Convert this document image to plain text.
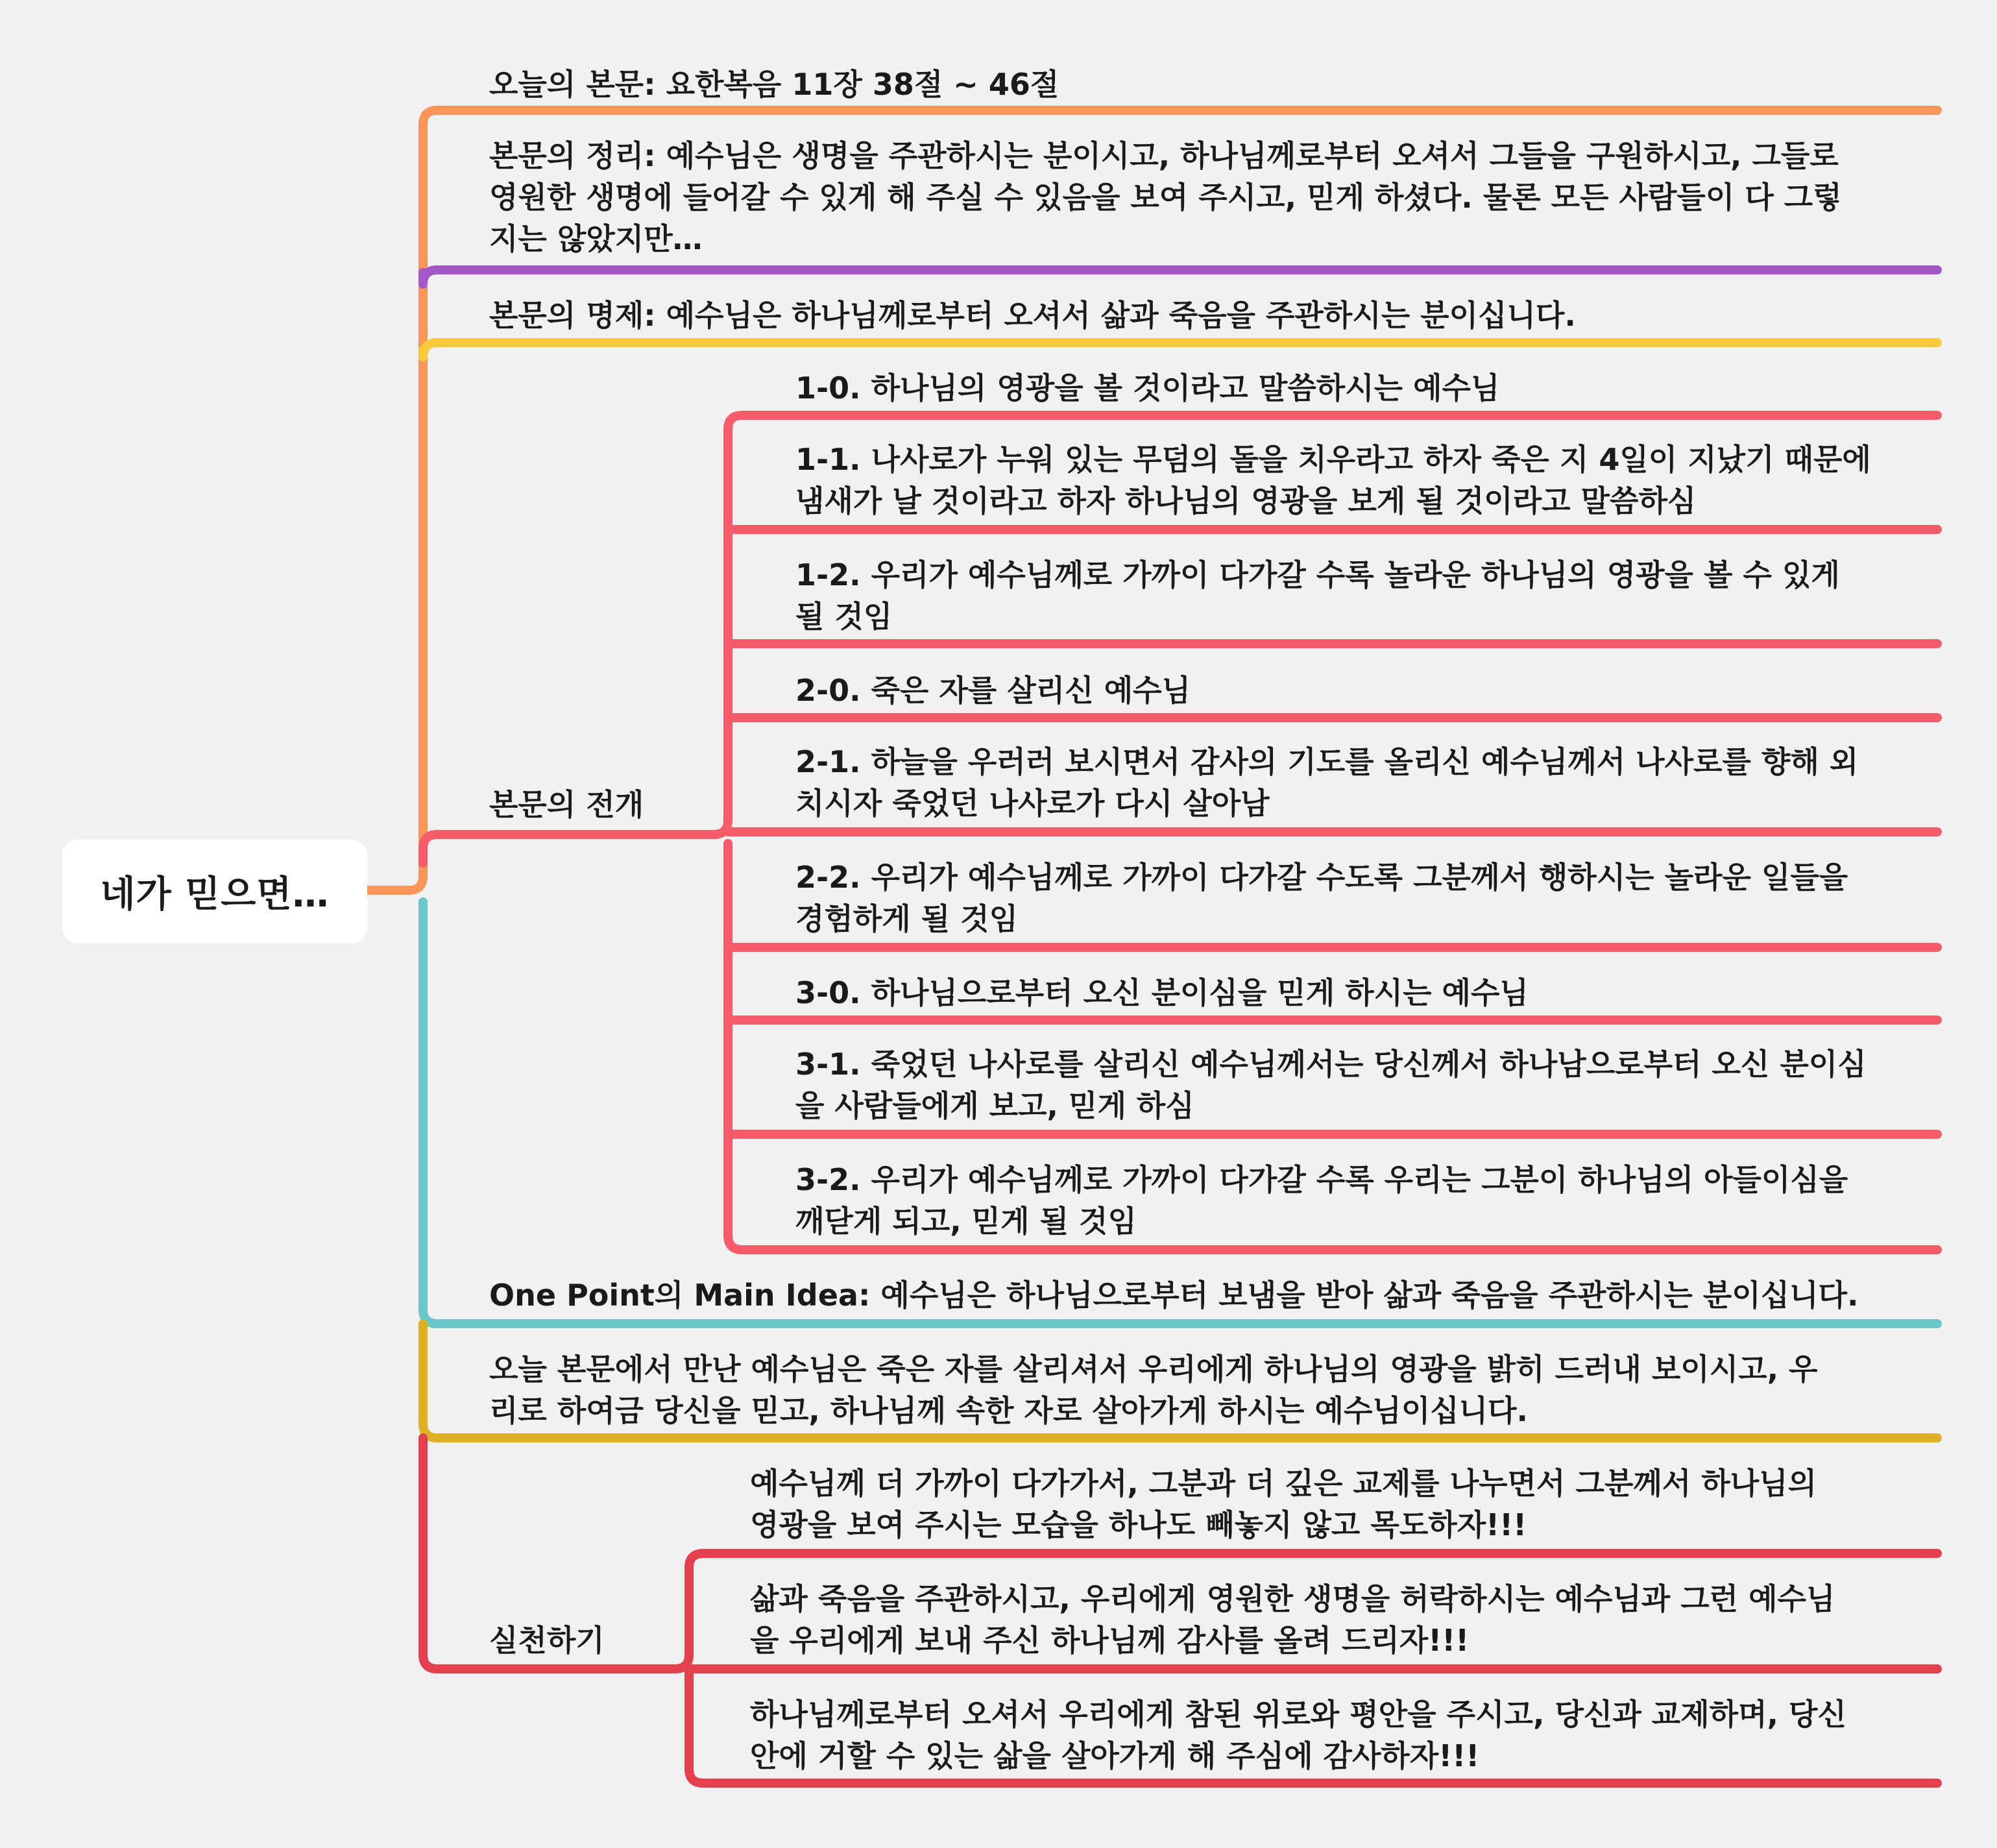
네가 믿으면…
오늘의 본문: 요한복음 11장 38절 ~ 46절
본문의 정리: 예수님은 생명을 주관하시는 분이시고, 하나님께로부터 오셔서 그들을 구원하시고, 그들로
영원한 생명에 들어갈 수 있게 해 주실 수 있음을 보여 주시고, 믿게 하셨다. 물론 모든 사람들이 다 그렇
지는 않았지만…
본문의 명제: 예수님은 하나님께로부터 오셔서 삶과 죽음을 주관하시는 분이십니다.
본문의 전개
1-0. 하나님의 영광을 볼 것이라고 말씀하시는 예수님
1-1. 나사로가 누워 있는 무덤의 돌을 치우라고 하자 죽은 지 4일이 지났기 때문에
냄새가 날 것이라고 하자 하나님의 영광을 보게 될 것이라고 말씀하심
1-2. 우리가 예수님께로 가까이 다가갈 수록 놀라운 하나님의 영광을 볼 수 있게
될 것임
2-0. 죽은 자를 살리신 예수님
2-1. 하늘을 우러러 보시면서 감사의 기도를 올리신 예수님께서 나사로를 향해 외
치시자 죽었던 나사로가 다시 살아남
2-2. 우리가 예수님께로 가까이 다가갈 수도록 그분께서 행하시는 놀라운 일들을
경험하게 될 것임
3-0. 하나님으로부터 오신 분이심을 믿게 하시는 예수님
3-1. 죽었던 나사로를 살리신 예수님께서는 당신께서 하나남으로부터 오신 분이심
을 사람들에게 보고, 믿게 하심
3-2. 우리가 예수님께로 가까이 다가갈 수록 우리는 그분이 하나님의 아들이심을
깨닫게 되고, 믿게 될 것임
One Point의 Main Idea: 예수님은 하나님으로부터 보냄을 받아 삶과 죽음을 주관하시는 분이십니다.
오늘 본문에서 만난 예수님은 죽은 자를 살리셔서 우리에게 하나님의 영광을 밝히 드러내 보이시고, 우
리로 하여금 당신을 믿고, 하나님께 속한 자로 살아가게 하시는 예수님이십니다.
실천하기
예수님께 더 가까이 다가가서, 그분과 더 깊은 교제를 나누면서 그분께서 하나님의
영광을 보여 주시는 모습을 하나도 빼놓지 않고 목도하자!!!
삶과 죽음을 주관하시고, 우리에게 영원한 생명을 허락하시는 예수님과 그런 예수님
을 우리에게 보내 주신 하나님께 감사를 올려 드리자!!!
하나님께로부터 오셔서 우리에게 참된 위로와 평안을 주시고, 당신과 교제하며, 당신
안에 거할 수 있는 삶을 살아가게 해 주심에 감사하자!!!
